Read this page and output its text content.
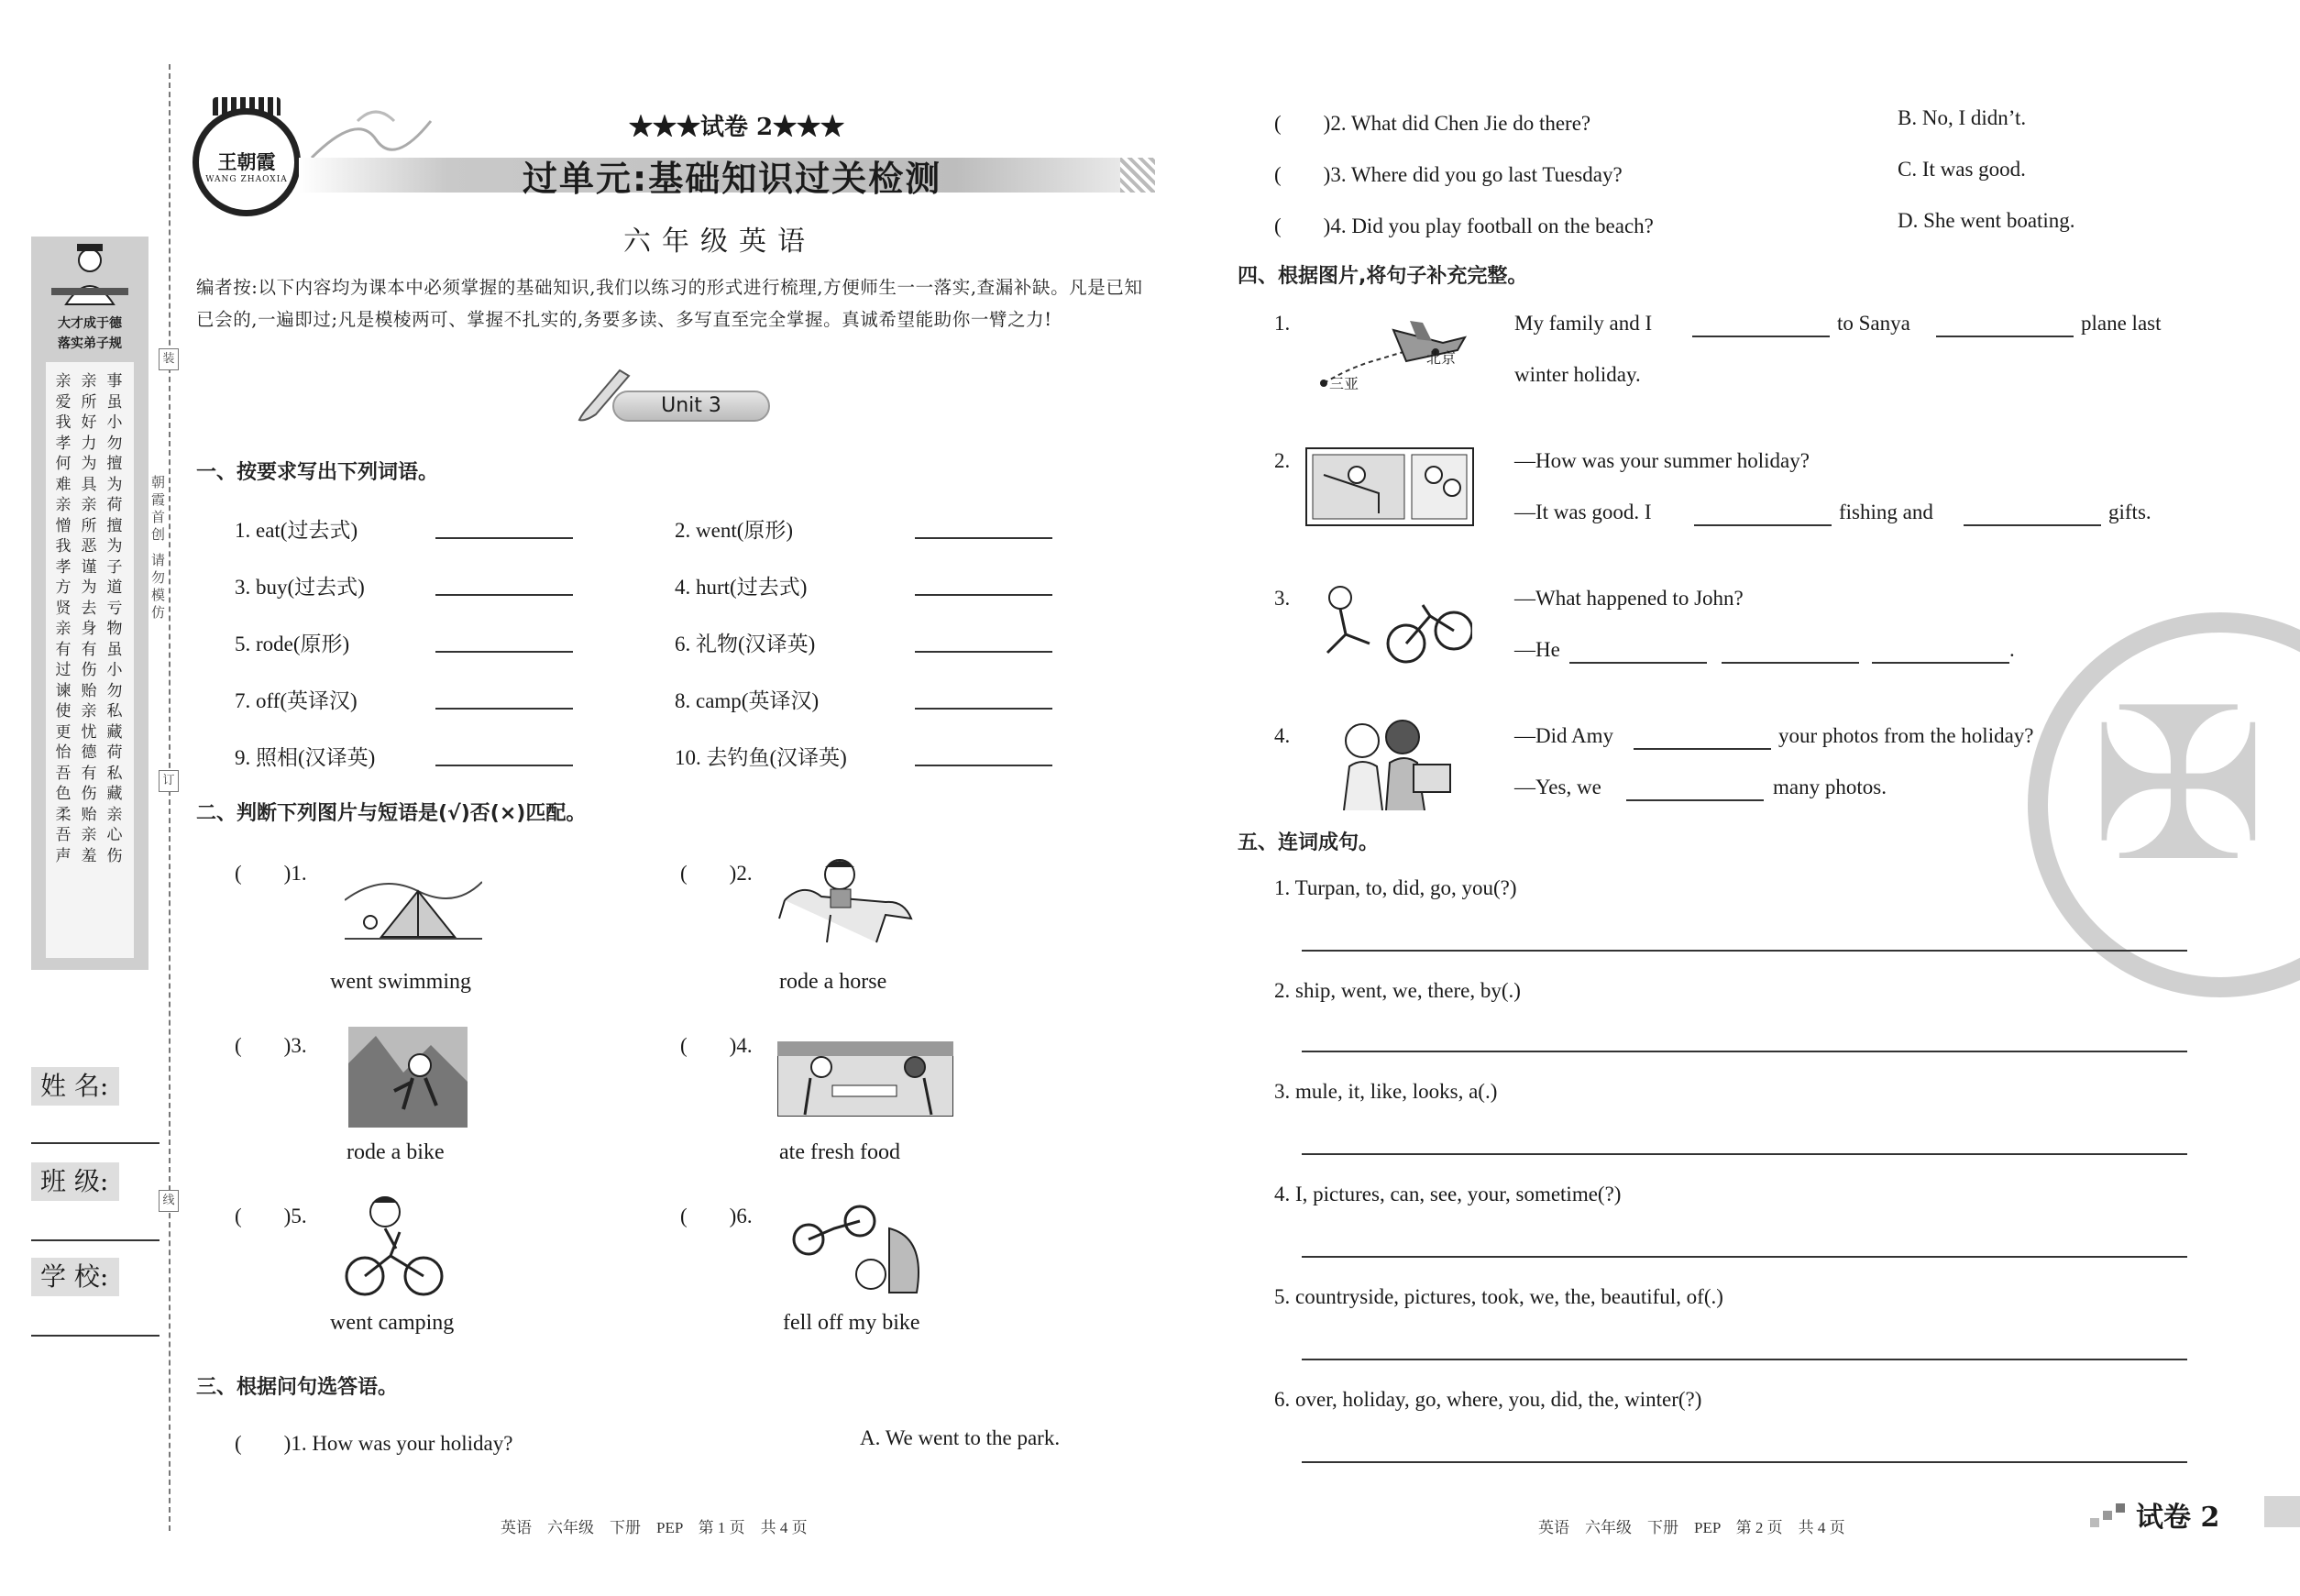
大才成于德
落实弟子规
亲爱我 孝何难 亲憎我 孝方贤 亲有过 谏使更 怡吾色 柔吾声
亲所好 力为具 亲所恶 谨为去 身有伤 贻亲忧 德有伤 贻亲羞
事虽小 勿擅为 荷擅为 子道亏 物虽小 勿私藏 荷私藏 亲心伤
朝霞首创 请勿模仿
装
订
线
姓 名:
班 级:
学 校:
王朝霞
WANG ZHAOXIA
★★★试卷 2★★★
过单元:基础知识过关检测
六年级英语
编者按:以下内容均为课本中必须掌握的基础知识,我们以练习的形式进行梳理,方便师生一一落实,查漏补缺。凡是已知已会的,一遍即过;凡是模棱两可、掌握不扎实的,务要多读、多写直至完全掌握。真诚希望能助你一臂之力!
Unit 3
一、按要求写出下列词语。
1. eat(过去式)	2. went(原形)
3. buy(过去式)	4. hurt(过去式)
5. rode(原形)	6. 礼物(汉译英)
7. off(英译汉)	8. camp(英译汉)
9. 照相(汉译英)	10. 去钓鱼(汉译英)
二、判断下列图片与短语是(√)否(×)匹配。
(　　)1.
went swimming
(　　)2.
rode a horse
(　　)3.
rode a bike
(　　)4.
ate fresh food
(　　)5.
went camping
(　　)6.
fell off my bike
三、根据问句选答语。
(　　)1. How was your holiday?	A. We went to the park.
(　　)2. What did Chen Jie do there?	B. No, I didn’t.
(　　)3. Where did you go last Tuesday?	C. It was good.
(　　)4. Did you play football on the beach?	D. She went boating.
四、根据图片,将句子补充完整。
1.
三亚
北京
My family and I	to Sanya	plane last
winter holiday.
2.	—How was your summer holiday?
—It was good. I	fishing and	gifts.
3.	—What happened to John?
—He	.
4.	—Did Amy	your photos from the holiday?
—Yes, we	many photos. ✠
五、连词成句。
1. Turpan, to, did, go, you(?)
2. ship, went, we, there, by(.)
3. mule, it, like, looks, a(.)
4. I, pictures, can, see, your, sometime(?)
5. countryside, pictures, took, we, the, beautiful, of(.)
6. over, holiday, go, where, you, did, the, winter(?)
英语　六年级　下册　PEP　第 1 页　共 4 页	英语　六年级　下册　PEP　第 2 页　共 4 页	试卷 2
